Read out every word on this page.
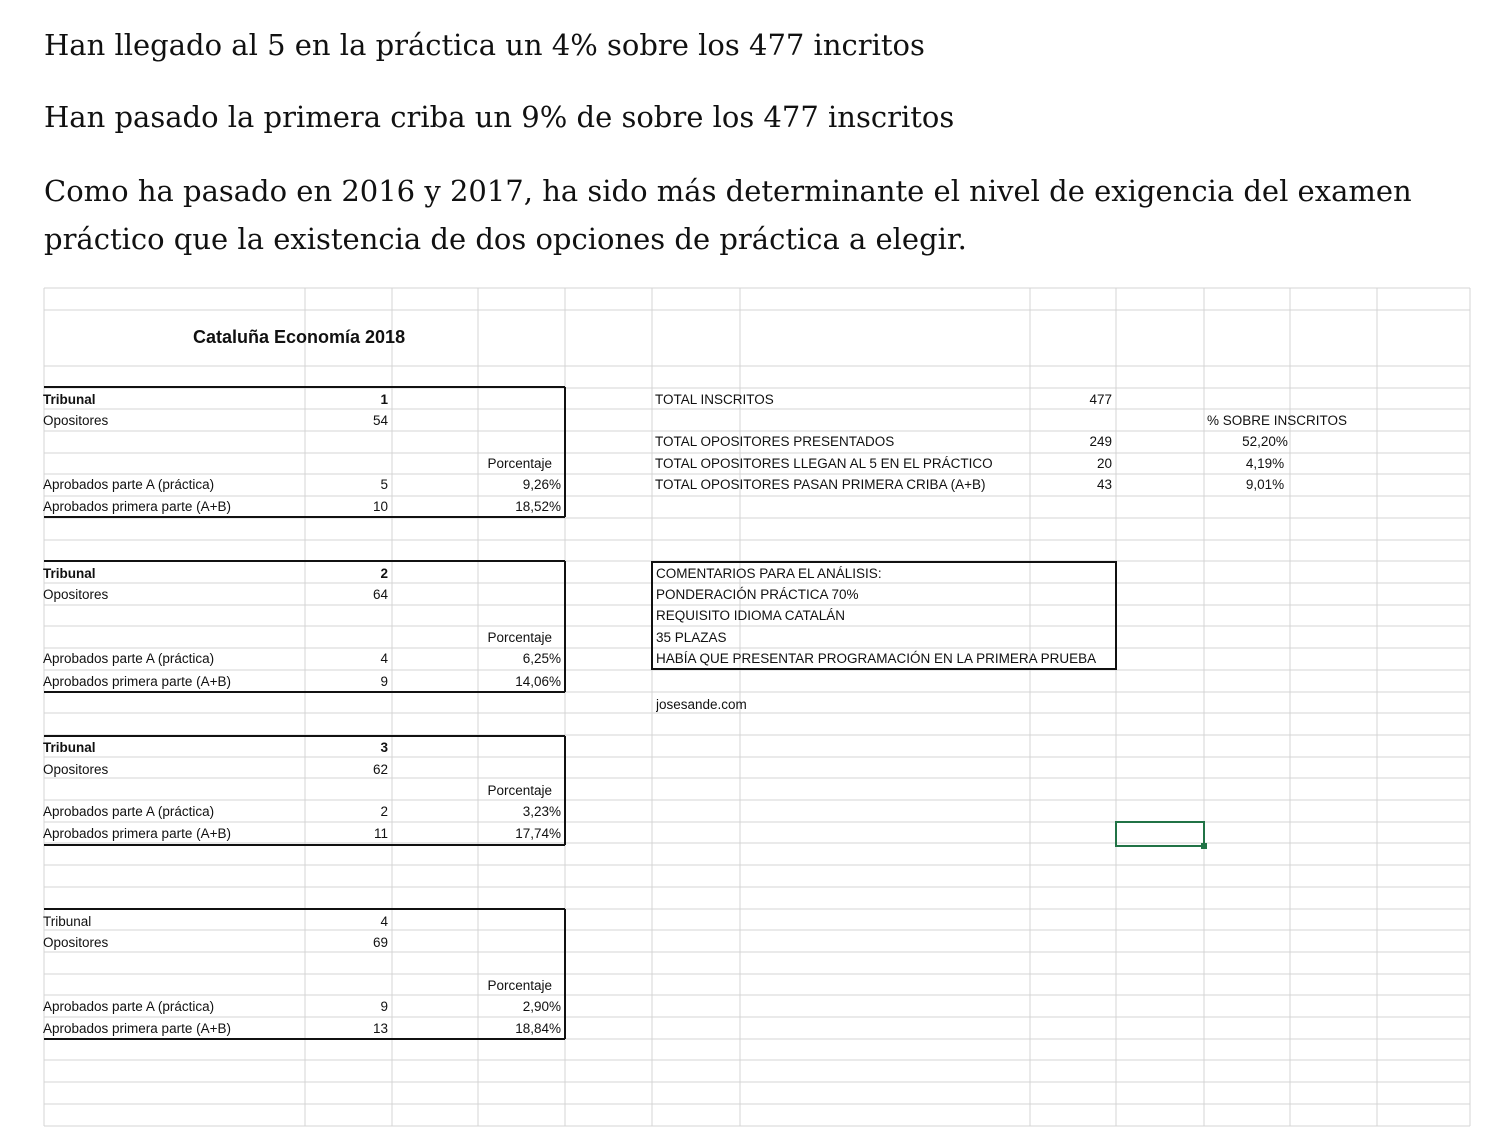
Han llegado al 5 en la práctica un 4% sobre los 477 incritos

Han pasado la primera criba un 9% de sobre los 477 inscritos

Como ha pasado en 2016 y 2017, ha sido más determinante el nivel de exigencia del examen

práctico que la existencia de dos opciones de práctica a elegir.

Cataluña Economía 2018
Tribunal	1
Opositores	54
Porcentaje
Aprobados parte A (práctica)	5	9,26%
Aprobados primera parte (A+B)	10	18,52%
Tribunal	2
Opositores	64
Porcentaje
Aprobados parte A (práctica)	4	6,25%
Aprobados primera parte (A+B)	9	14,06%
Tribunal	3
Opositores	62
Porcentaje
Aprobados parte A (práctica)	2	3,23%
Aprobados primera parte (A+B)	11	17,74%
Tribunal	4
Opositores	69
Porcentaje
Aprobados parte A (práctica)	9	2,90%
Aprobados primera parte (A+B)	13	18,84%
TOTAL INSCRITOS	477
% SOBRE INSCRITOS
TOTAL OPOSITORES PRESENTADOS	249	52,20%
TOTAL OPOSITORES LLEGAN AL 5 EN EL PRÁCTICO	20	4,19%
TOTAL OPOSITORES PASAN PRIMERA CRIBA (A+B)	43	9,01%
COMENTARIOS PARA EL ANÁLISIS:
PONDERACIÓN PRÁCTICA 70%
REQUISITO IDIOMA CATALÁN
35 PLAZAS
HABÍA QUE PRESENTAR PROGRAMACIÓN EN LA PRIMERA PRUEBA
josesande.com
